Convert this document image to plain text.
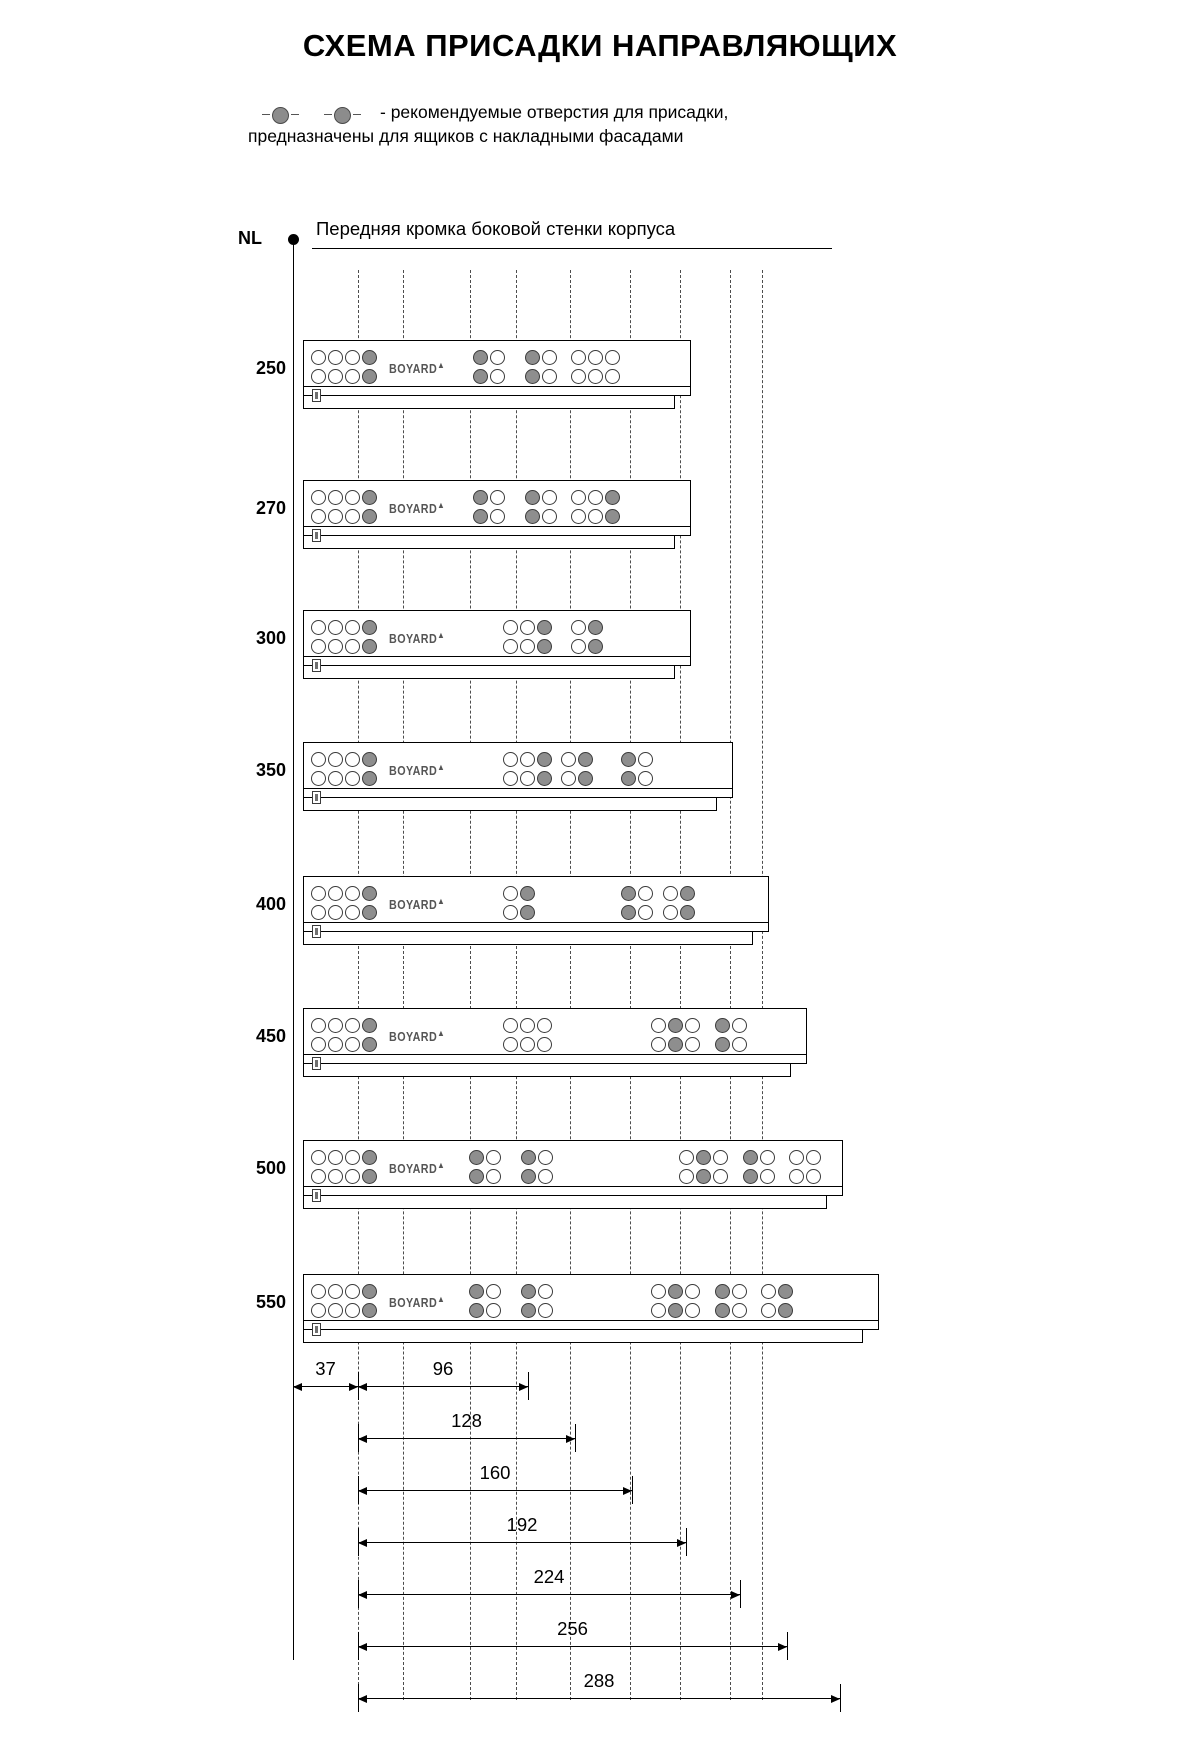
СХЕМА ПРИСАДКИ НАПРАВЛЯЮЩИХ
- рекомендуемые отверстия для присадки,
предназначены для ящиков с накладными фасадами
NL	Передняя кромка боковой стенки корпуса
250	BOYARD▲
270	BOYARD▲
300	BOYARD▲
350	BOYARD▲
400	BOYARD▲
450	BOYARD▲
500	BOYARD▲
550	BOYARD▲
37	96
128
160
192
224
256
288
